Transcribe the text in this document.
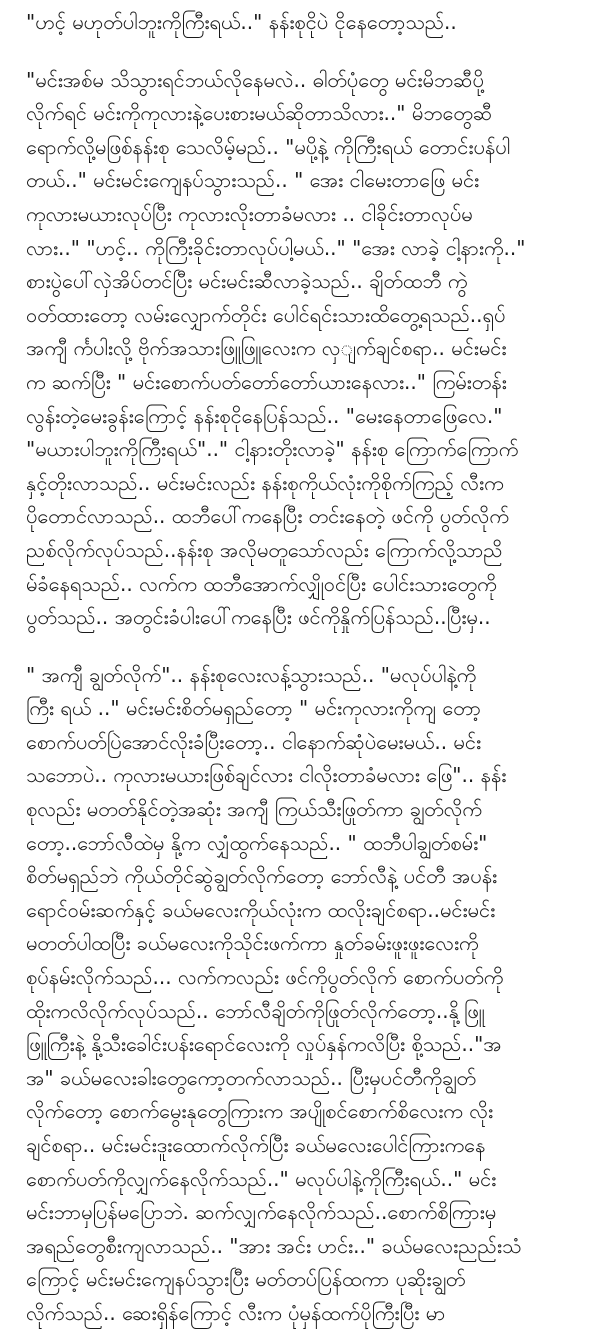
"ဟင့် မဟုတ်ပါဘူးကိုကြီးရယ်.." နန်းစုငိုပဲ ငိုနေတော့သည်..

"မင်းအစ်မ သိသွားရင်ဘယ်လိုနေမလဲ.. ဓါတ်ပုံတွေ မင်းမိဘဆီပို့
လိုက်ရင် မင်းကိုကုလားနဲ့ပေးစားမယ်ဆိုတာသိလား.." မိဘတွေဆီ
ရောက်လို့မဖြစ်နန်းစု သေလိမ့်မည်.. "မပို့နဲ့ ကိုကြီးရယ် တောင်းပန်ပါ
တယ်.." မင်းမင်းကျေနပ်သွားသည်.. " အေး ငါမေးတာဖြေ မင်း
ကုလားမယားလုပ်ပြီး ကုလားလိုးတာခံမလား .. ငါခိုင်းတာလုပ်မ
လား.." "ဟင့်.. ကိုကြီးခိုင်းတာလုပ်ပါ့မယ်.." "အေး လာခဲ့ ငါ့နားကို.."
စားပွဲပေါ်လှဲအိပ်တင်ပြီး မင်းမင်းဆီလာခဲ့သည်.. ချိတ်ထဘီ ကွဲ
ဝတ်ထားတော့ လမ်းလျှောက်တိုင်း ပေါင်ရင်းသားထိတွေ့ရသည်..ရှပ်
အကျီ င်္ကပါးလို့ ဗိုက်အသားဖြူဖြူလေးက လှျက်ချင်စရာ.. မင်းမင်း
က ဆက်ပြီး " မင်းစောက်ပတ်တော်တော်ယားနေလား.." ကြမ်းတန်း
လွန်းတဲ့မေးခွန်းကြောင့် နန်းစုငိုနေပြန်သည်.. "မေးနေတာဖြေလေ."
"မယားပါဘူးကိုကြီးရယ်".." ငါ့နားတိုးလာခဲ့" နန်းစု ကြောက်ကြောက်
နှင့်တိုးလာသည်.. မင်းမင်းလည်း နန်းစုကိုယ်လုံးကိုစိုက်ကြည့် လီးက
ပိုတောင်လာသည်.. ထဘီပေါ်ကနေပြီး တင်းနေတဲ့ ဖင်ကို ပွတ်လိုက်
ညစ်လိုက်လုပ်သည်..နန်းစု အလိုမတူသော်လည်း ကြောက်လို့သာညိ
မ်ခံနေရသည်.. လက်က ထဘီအောက်လျှိုဝင်ပြီး ပေါင်းသားတွေကို
ပွတ်သည်.. အတွင်းခံပါးပေါ်ကနေပြီး ဖင်ကိုနှိုက်ပြန်သည်..ပြီးမှ..

" အကျီ ချွတ်လိုက်".. နန်းစုလေးလန့်သွားသည်.. "မလုပ်ပါနဲ့ကို
ကြီး ရယ် .." မင်းမင်းစိတ်မရှည်တော့ " မင်းကုလားကိုကျ တော့
စောက်ပတ်ပြဲအောင်လိုးခံပြီးတော့.. ငါနောက်ဆုံပဲမေးမယ်.. မင်း
သဘောပဲ.. ကုလားမယားဖြစ်ချင်လား ငါလိုးတာခံမလား ဖြေ".. နန်း
စုလည်း မတတ်နိုင်တဲ့အဆုံး အကျီ ကြယ်သီးဖြုတ်ကာ ချွတ်လိုက်
တော့..ဘော်လီထဲမှ နို့က လျှံထွက်နေသည်.. " ထဘီပါချွတ်စမ်း"
စိတ်မရှည်ဘဲ ကိုယ်တိုင်ဆွဲချွတ်လိုက်တော့ ဘော်လီနဲ့ ပင်တီ အပန်း
ရောင်ဝမ်းဆက်နှင့် ခယ်မလေးကိုယ်လုံးက ထလိုးချင်စရာ..မင်းမင်း
မတတ်ပါထပြီး ခယ်မလေးကိုသိုင်းဖက်ကာ နှုတ်ခမ်းဖူးဖူးလေးကို
စုပ်နမ်းလိုက်သည်... လက်ကလည်း ဖင်ကိုပွတ်လိုက် စောက်ပတ်ကို
ထိုးကလိလိုက်လုပ်သည်.. ဘော်လီချိတ်ကိုဖြုတ်လိုက်တော့..နို့ဖြူ
ဖြူကြီးနဲ့ နို့သီးခေါင်းပန်းရောင်လေးကို လှုပ်နှန်ကလိပြီး စို့သည်.."အ
အ" ခယ်မလေးခါးတွေကော့တက်လာသည်.. ပြီးမှပင်တီကိုချွတ်
လိုက်တော့ စောက်မွေးနုတွေကြားက အပျိုစင်စောက်စိလေးက လိုး
ချင်စရာ.. မင်းမင်းဒူးထောက်လိုက်ပြီး ခယ်မလေးပေါင်ကြားကနေ
စောက်ပတ်ကိုလျှက်နေလိုက်သည်.." မလုပ်ပါနဲ့ကိုကြီးရယ်.." မင်း
မင်းဘာမှပြန်မပြောဘဲ. ဆက်လျှက်နေလိုက်သည်..စောက်စိကြားမှ
အရည်တွေစီးကျလာသည်.. "အား အင်း ဟင်း.." ခယ်မလေးညည်းသံ
ကြောင့် မင်းမင်းကျေနပ်သွားပြီး မတ်တပ်ပြန်ထကာ ပုဆိုးချွတ်
လိုက်သည်.. ဆေးရှိန်ကြောင့် လီးက ပုံမှန်ထက်ပိုကြီးပြီး မာ
